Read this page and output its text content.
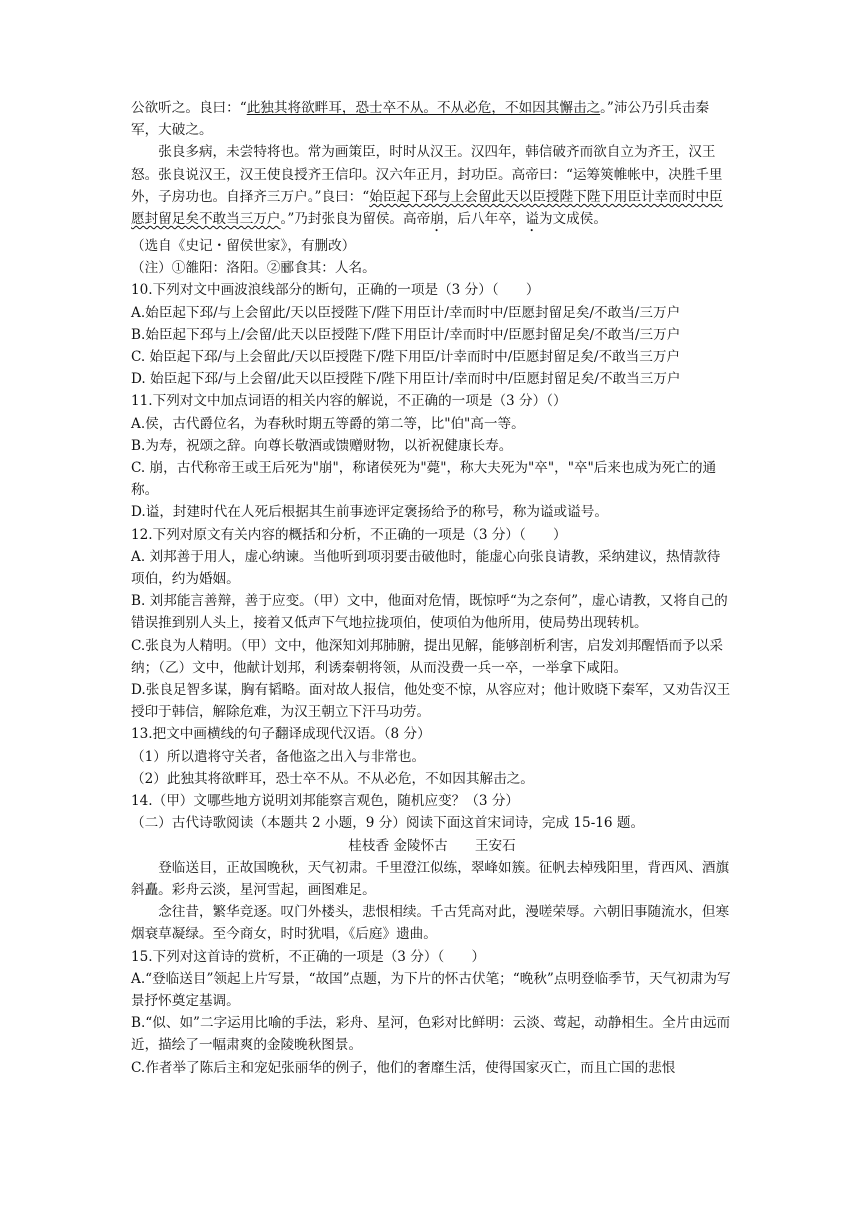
公欲听之。良曰：“此独其将欲畔耳，恐士卒不从。不从必危，不如因其懈击之。”沛公乃引兵击秦军，大破之。

张良多病，未尝特将也。常为画策臣，时时从汉王。汉四年，韩信破齐而欲自立为齐王，汉王怒。张良说汉王，汉王使良授齐王信印。汉六年正月，封功臣。高帝曰：“运筹筴帷帐中，决胜千里外，子房功也。自择齐三万户。”良曰：“始臣起下邳与上会留此天以臣授陛下陛下用臣计幸而时中臣愿封留足矣不敢当三万户。”乃封张良为留侯。高帝崩，后八年卒，谥为文成侯。

（选自《史记・留侯世家》，有删改）

（注）①雒阳：洛阳。②郦食其：人名。

10.下列对文中画波浪线部分的断句，正确的一项是（3 分）（　　）

A.始臣起下邳/与上会留此/天以臣授陛下/陛下用臣计/幸而时中/臣愿封留足矣/不敢当/三万户

B.始臣起下邳与上/会留/此天以臣授陛下/陛下用臣计/幸而时中/臣愿封留足矣/不敢当/三万户

C. 始臣起下邳/与上会留此/天以臣授陛下/陛下用臣/计幸而时中/臣愿封留足矣/不敢当三万户

D. 始臣起下邳/与上会留/此天以臣授陛下/陛下用臣计/幸而时中/臣愿封留足矣/不敢当三万户

11.下列对文中加点词语的相关内容的解说，不正确的一项是（3 分）（）

A.侯，古代爵位名，为春秋时期五等爵的第二等，比"伯"高一等。

B.为寿，祝颂之辞。向尊长敬酒或馈赠财物，以祈祝健康长寿。

C. 崩，古代称帝王或王后死为"崩"，称诸侯死为"薨"，称大夫死为"卒"，"卒"后来也成为死亡的通称。

D.谥，封建时代在人死后根据其生前事迹评定褒扬给予的称号，称为谥或谥号。

12.下列对原文有关内容的概括和分析，不正确的一项是（3 分）（　　）

A. 刘邦善于用人，虚心纳谏。当他听到项羽要击破他时，能虚心向张良请教，采纳建议，热情款待项伯，约为婚姻。

B. 刘邦能言善辩，善于应变。（甲）文中，他面对危情，既惊呼“为之奈何”，虚心请教，又将自己的错误推到别人头上，接着又低声下气地拉拢项伯，使项伯为他所用，使局势出现转机。

C.张良为人精明。（甲）文中，他深知刘邦肺腑，提出见解，能够剖析利害，启发刘邦醒悟而予以采纳；（乙）文中，他献计划邦，利诱秦朝将领，从而没费一兵一卒，一举拿下咸阳。

D.张良足智多谋，胸有韬略。面对故人报信，他处变不惊，从容应对；他计败晓下秦军，又劝告汉王授印于韩信，解除危难，为汉王朝立下汗马功劳。

13.把文中画横线的句子翻译成现代汉语。（8 分）

（1）所以遣将守关者，备他盗之出入与非常也。

（2）此独其将欲畔耳，恐士卒不从。不从必危，不如因其解击之。

14.（甲）文哪些地方说明刘邦能察言观色，随机应变？（3 分）

（二）古代诗歌阅读（本题共 2 小题，9 分）阅读下面这首宋词诗，完成 15-16 题。

桂枝香 金陵怀古　　王安石

登临送目，正故国晚秋，天气初肃。千里澄江似练，翠峰如簇。征帆去棹残阳里，背西风、酒旗斜矗。彩舟云淡，星河雪起，画图难足。

念往昔，繁华竞逐。叹门外楼头，悲恨相续。千古凭高对此，漫嗟荣辱。六朝旧事随流水，但寒烟衰草凝绿。至今商女，时时犹唱，《后庭》遗曲。

15.下列对这首诗的赏析，不正确的一项是（3 分）（　　）

A.“登临送目”领起上片写景，“故国”点题，为下片的怀古伏笔；“晚秋”点明登临季节，天气初肃为写景抒怀奠定基调。

B.“似、如”二字运用比喻的手法，彩舟、星河，色彩对比鲜明：云淡、莺起，动静相生。全片由远而近，描绘了一幅肃爽的金陵晚秋图景。

C.作者举了陈后主和宠妃张丽华的例子，他们的奢靡生活，使得国家灭亡，而且亡国的悲恨
